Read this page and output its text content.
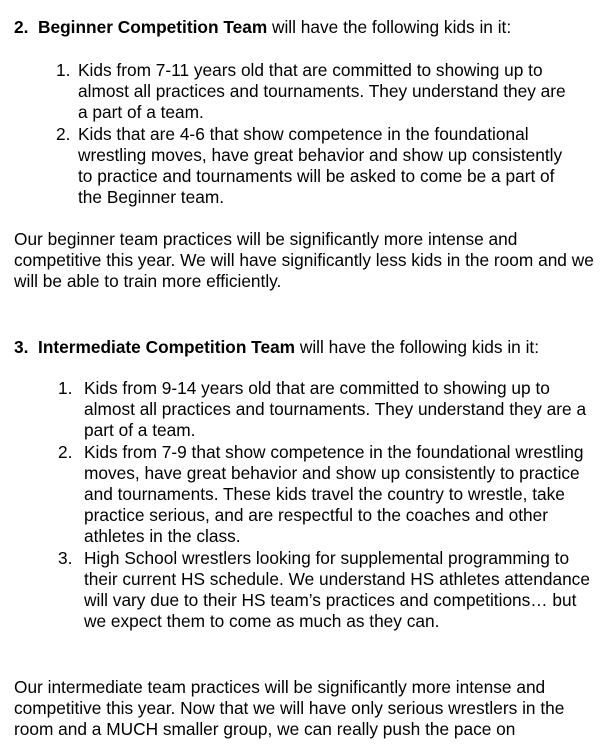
2. Beginner Competition Team will have the following kids in it:

1. Kids from 7-11 years old that are committed to showing up to almost all practices and tournaments. They understand they are a part of a team.
2. Kids that are 4-6 that show competence in the foundational wrestling moves, have great behavior and show up consistently to practice and tournaments will be asked to come be a part of the Beginner team.

Our beginner team practices will be significantly more intense and competitive this year. We will have significantly less kids in the room and we will be able to train more efficiently.

3. Intermediate Competition Team will have the following kids in it:

1. Kids from 9-14 years old that are committed to showing up to almost all practices and tournaments. They understand they are a part of a team.
2. Kids from 7-9 that show competence in the foundational wrestling moves, have great behavior and show up consistently to practice and tournaments. These kids travel the country to wrestle, take practice serious, and are respectful to the coaches and other athletes in the class.
3. High School wrestlers looking for supplemental programming to their current HS schedule. We understand HS athletes attendance will vary due to their HS team’s practices and competitions… but we expect them to come as much as they can.

Our intermediate team practices will be significantly more intense and competitive this year. Now that we will have only serious wrestlers in the room and a MUCH smaller group, we can really push the pace on
